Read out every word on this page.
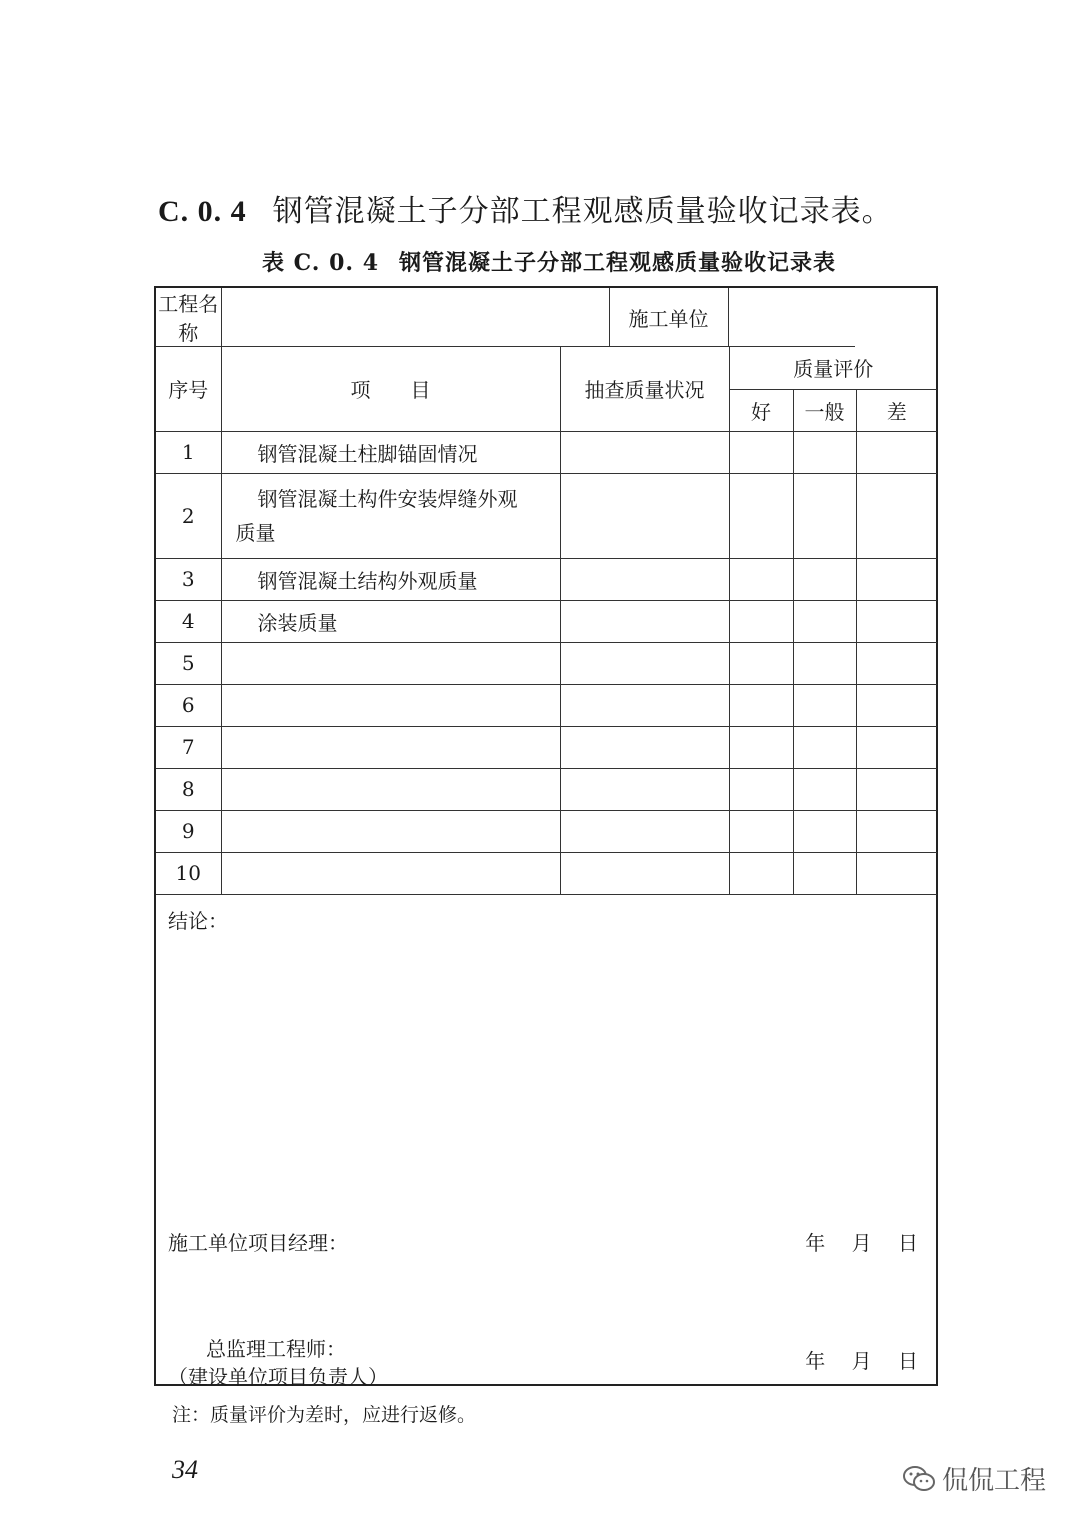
C. 0. 4 钢管混凝土子分部工程观感质量验收记录表。
表 C. 0. 4 钢管混凝土子分部工程观感质量验收记录表
工程名称		施工单位	
序号	项　　目	抽查质量状况	质量评价		
			好	一般	差
1	钢管混凝土柱脚锚固情况				
2	钢管混凝土构件安装焊缝外观
质量				

3	钢管混凝土结构外观质量				
4	涂装质量				
5					
6					
7					
8					
9					
10					
结论：
施工单位项目经理：	年 月 日
总监理工程师：
（建设单位项目负责人）
年 月 日
注：质量评价为差时，应进行返修。
34	侃侃工程
